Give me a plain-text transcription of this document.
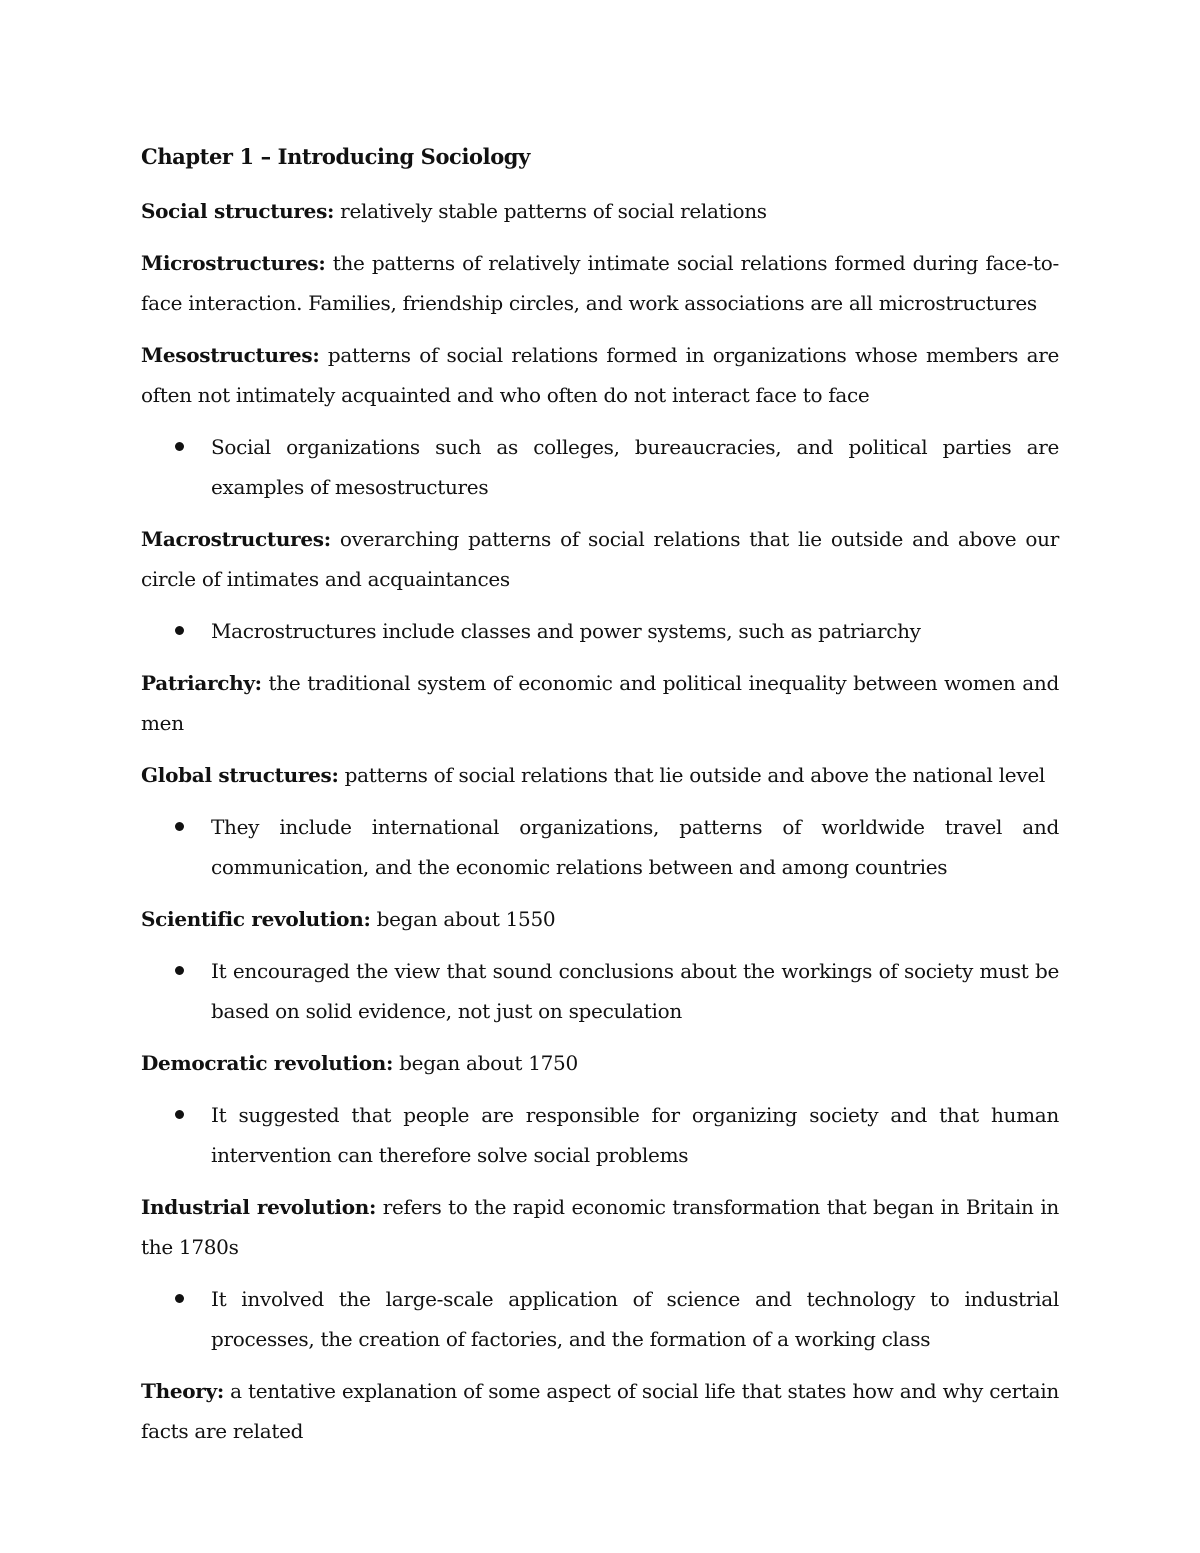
Chapter 1 – Introducing Sociology
Social structures: relatively stable patterns of social relations
Microstructures: the patterns of relatively intimate social relations formed during face-to-face interaction. Families, friendship circles, and work associations are all microstructures
Mesostructures: patterns of social relations formed in organizations whose members are often not intimately acquainted and who often do not interact face to face
Social organizations such as colleges, bureaucracies, and political parties are examples of mesostructures
Macrostructures: overarching patterns of social relations that lie outside and above our circle of intimates and acquaintances
Macrostructures include classes and power systems, such as patriarchy
Patriarchy: the traditional system of economic and political inequality between women and men
Global structures: patterns of social relations that lie outside and above the national level
They include international organizations, patterns of worldwide travel and communication, and the economic relations between and among countries
Scientific revolution: began about 1550
It encouraged the view that sound conclusions about the workings of society must be based on solid evidence, not just on speculation
Democratic revolution: began about 1750
It suggested that people are responsible for organizing society and that human intervention can therefore solve social problems
Industrial revolution: refers to the rapid economic transformation that began in Britain in the 1780s
It involved the large-scale application of science and technology to industrial processes, the creation of factories, and the formation of a working class
Theory: a tentative explanation of some aspect of social life that states how and why certain facts are related
